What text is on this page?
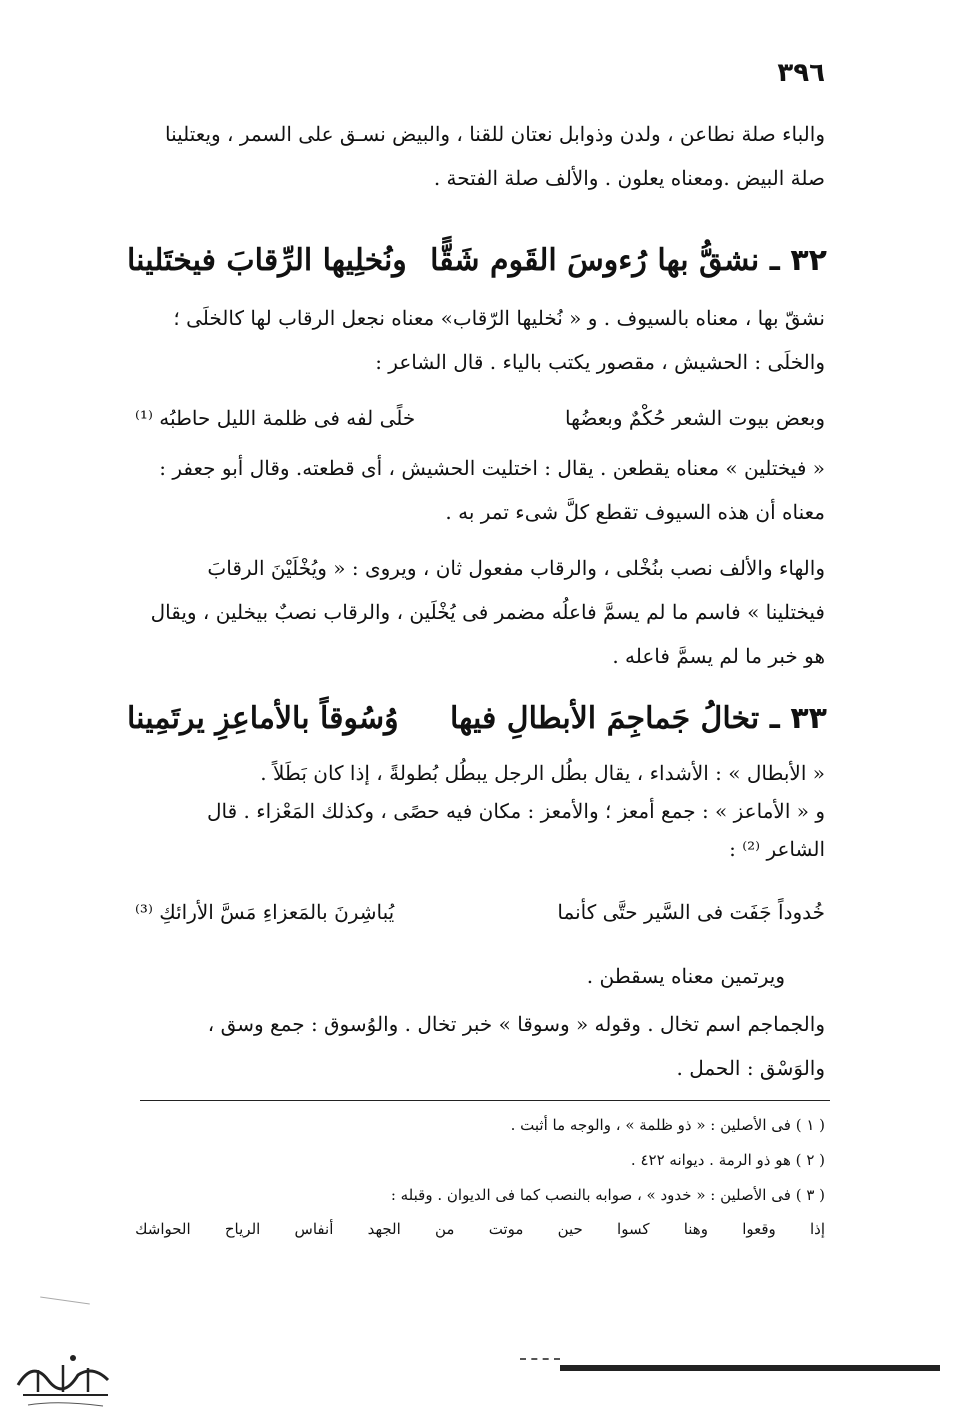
٣٩٦
والباء صلة نطاعن ، ولدن وذوابل نعتان للقنا ، والبيض نسـق على السمر ، ويعتلينا
صلة البيض .ومعناه يعلون . والألف صلة الفتحة .
٣٢ ـ نشقُّ بها رُءوسَ القَوم شَقًّا
ونُخلِيها الرِّقابَ فيختَلينا
نشقّ بها ، معناه بالسيوف . و « نُخليها الرّقاب» معناه نجعل الرقاب لها كالخلَى ؛
والخلَى : الحشيش ، مقصور يكتب بالياء . قال الشاعر :
وبعض بيوت الشعر حُكْمٌ وبعضُها
خلًى لفه فى ظلمة الليل حاطبُه ⁽¹⁾
« فيختلين » معناه يقطعن . يقال : اختليت الحشيش ، أى قطعته. وقال أبو جعفر :
معناه أن هذه السيوف تقطع كلَّ شىء تمر به .
والهاء والألف نصب بنُخْلى ، والرقاب مفعول ثان ، ويروى : « ويُخْلَيْنَ الرقابَ
فيختلينا » فاسم ما لم يسمَّ فاعلُه مضمر فى يُخْلَين ، والرقاب نصبٌ بيخلين ، ويقال
هو خبر ما لم يسمَّ فاعله .
٣٣ ـ تخالُ جَماجِمَ الأبطالِ فيها
وُسُوقاً بالأماعِزِ يرتَمِينا
« الأبطال » : الأشداء ، يقال بطُل الرجل يبطُل بُطولةً ، إذا كان بَطَلاً .
و « الأماعز » : جمع أمعز ؛ والأمعز : مكان فيه حصًى ، وكذلك المَعْزاء . قال
الشاعر ⁽²⁾ :
خُدوداً جَفَت فى السَّير حتَّى كأنما
يُباشِرنَ بالمَعزاءِ مَسَّ الأرائكِ ⁽³⁾
ويرتمين معناه يسقطن .
والجماجم اسم تخال . وقوله « وسوقا » خبر تخال . والوُسوق : جمع وسق ،
والوَسْق : الحمل .
( ١ ) فى الأصلين : « ذو ظلمة » ، والوجه ما أثبت .
( ٢ ) هو ذو الرمة . ديوانه ٤٢٢ .
( ٣ ) فى الأصلين : « خدود » ، صوابه بالنصب كما فى الديوان . وقبله :
إذا
وقعوا
وهنا
كسوا
حين
موتت
من
الجهد
أنفاس
الرياح
الحواشك
